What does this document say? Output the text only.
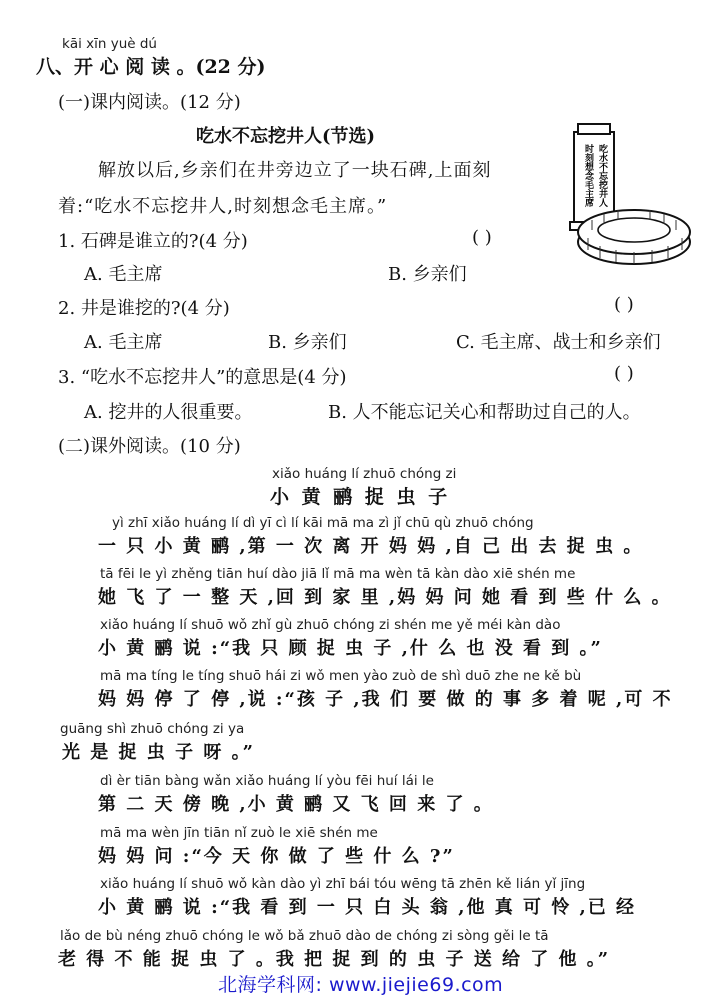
kāi xīn yuè dú
八、开 心 阅 读 。(22 分)
(一)课内阅读。(12 分)
吃水不忘挖井人(节选)
解放以后,乡亲们在井旁边立了一块石碑,上面刻
着:“吃水不忘挖井人,时刻想念毛主席。”	吃水不忘挖井人
时刻想念毛主席
1. 石碑是谁立的?(4 分)	( )
A. 毛主席	B. 乡亲们
2. 井是谁挖的?(4 分)	( )
A. 毛主席	B. 乡亲们	C. 毛主席、战士和乡亲们
3. “吃水不忘挖井人”的意思是(4 分)	( )
A. 挖井的人很重要。	B. 人不能忘记关心和帮助过自己的人。
(二)课外阅读。(10 分)
xiǎo huáng lí zhuō chóng zi
小 黄 鹂 捉 虫 子
yì zhī xiǎo huáng lí dì yī cì lí kāi mā ma zì jǐ chū qù zhuō chóng
一 只 小 黄 鹂 ,第 一 次 离 开 妈 妈 ,自 己 出 去 捉 虫 。
tā fēi le yì zhěng tiān huí dào jiā lǐ mā ma wèn tā kàn dào xiē shén me
她 飞 了 一 整 天 ,回 到 家 里 ,妈 妈 问 她 看 到 些 什 么 。
xiǎo huáng lí shuō wǒ zhǐ gù zhuō chóng zi shén me yě méi kàn dào
小 黄 鹂 说 :“我 只 顾 捉 虫 子 ,什 么 也 没 看 到 。”
mā ma tíng le tíng shuō hái zi wǒ men yào zuò de shì duō zhe ne kě bù
妈 妈 停 了 停 ,说 :“孩 子 ,我 们 要 做 的 事 多 着 呢 ,可 不
guāng shì zhuō chóng zi ya
光 是 捉 虫 子 呀 。”
dì èr tiān bàng wǎn xiǎo huáng lí yòu fēi huí lái le
第 二 天 傍 晚 ,小 黄 鹂 又 飞 回 来 了 。
mā ma wèn jīn tiān nǐ zuò le xiē shén me
妈 妈 问 :“今 天 你 做 了 些 什 么 ?”
xiǎo huáng lí shuō wǒ kàn dào yì zhī bái tóu wēng tā zhēn kě lián yǐ jīng
小 黄 鹂 说 :“我 看 到 一 只 白 头 翁 ,他 真 可 怜 ,已 经
lǎo de bù néng zhuō chóng le wǒ bǎ zhuō dào de chóng zi sòng gěi le tā
老 得 不 能 捉 虫 了 。我 把 捉 到 的 虫 子 送 给 了 他 。”
北海学科网: www.jiejie69.com
